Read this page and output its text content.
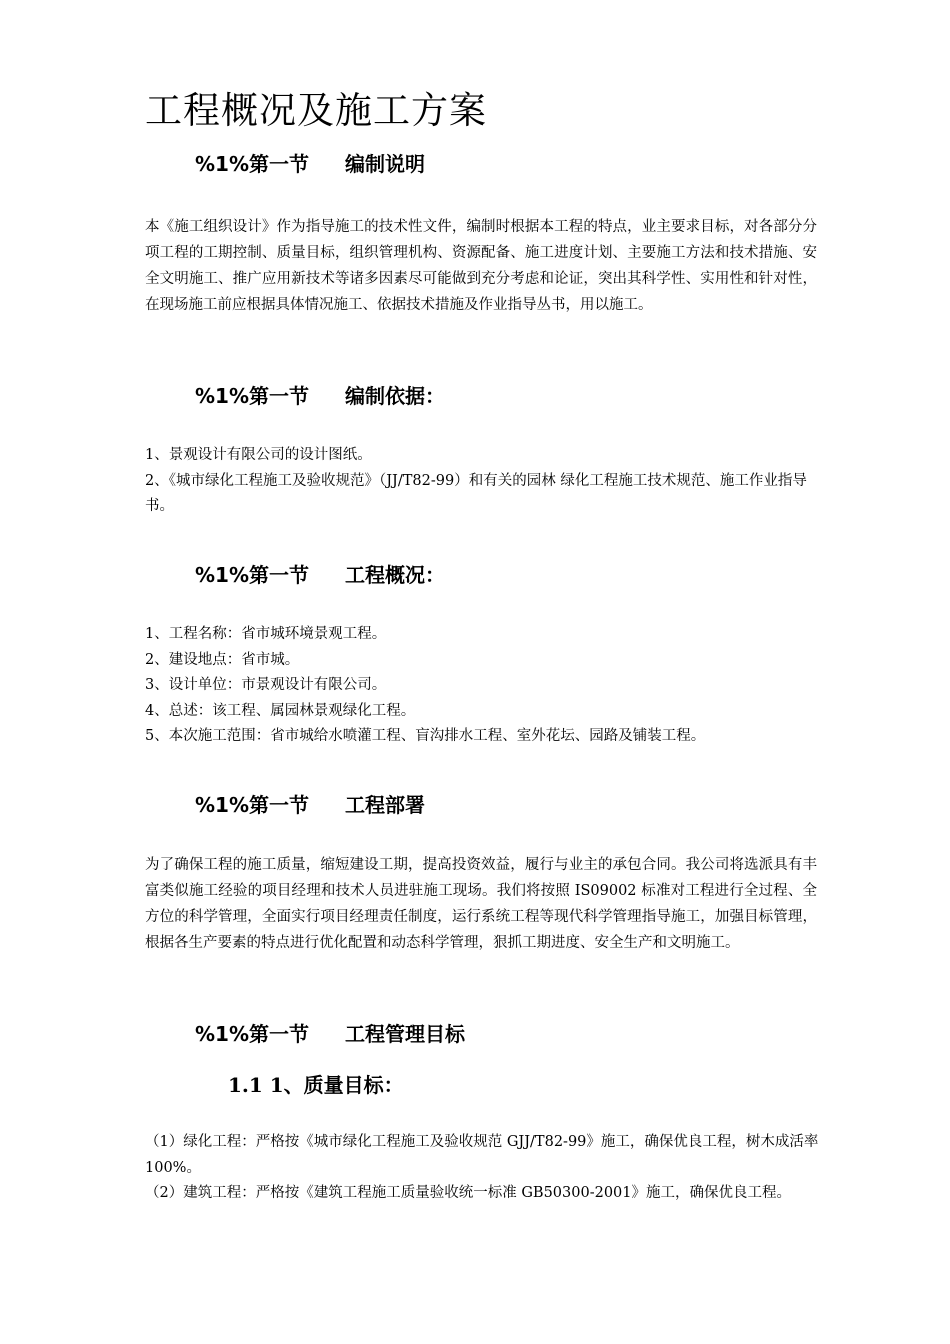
工程概况及施工方案
%1%第一节 编制说明

本《施工组织设计》作为指导施工的技术性文件，编制时根据本工程的特点，业主要求目标，对各部分分项工程的工期控制、质量目标，组织管理机构、资源配备、施工进度计划、主要施工方法和技术措施、安全文明施工、推广应用新技术等诸多因素尽可能做到充分考虑和论证，突出其科学性、实用性和针对性，在现场施工前应根据具体情况施工、依据技术措施及作业指导丛书，用以施工。

%1%第一节 编制依据：
1、景观设计有限公司的设计图纸。
2、《城市绿化工程施工及验收规范》（JJ/T82-99）和有关的园林 绿化工程施工技术规范、施工作业指导书。
%1%第一节 工程概况：
1、工程名称：省市城环境景观工程。
2、建设地点：省市城。
3、设计单位：市景观设计有限公司。
4、总述：该工程、属园林景观绿化工程。
5、本次施工范围：省市城给水喷灌工程、盲沟排水工程、室外花坛、园路及铺装工程。
%1%第一节 工程部署

为了确保工程的施工质量，缩短建设工期，提高投资效益，履行与业主的承包合同。我公司将选派具有丰富类似施工经验的项目经理和技术人员进驻施工现场。我们将按照 IS09002 标准对工程进行全过程、全方位的科学管理，全面实行项目经理责任制度，运行系统工程等现代科学管理指导施工，加强目标管理，根据各生产要素的特点进行优化配置和动态科学管理，狠抓工期进度、安全生产和文明施工。

%1%第一节 工程管理目标
1.1 1、质量目标：
（1）绿化工程：严格按《城市绿化工程施工及验收规范 GJJ/T82-99》施工，确保优良工程，树木成活率 100%。
（2）建筑工程：严格按《建筑工程施工质量验收统一标准 GB50300-2001》施工，确保优良工程。
